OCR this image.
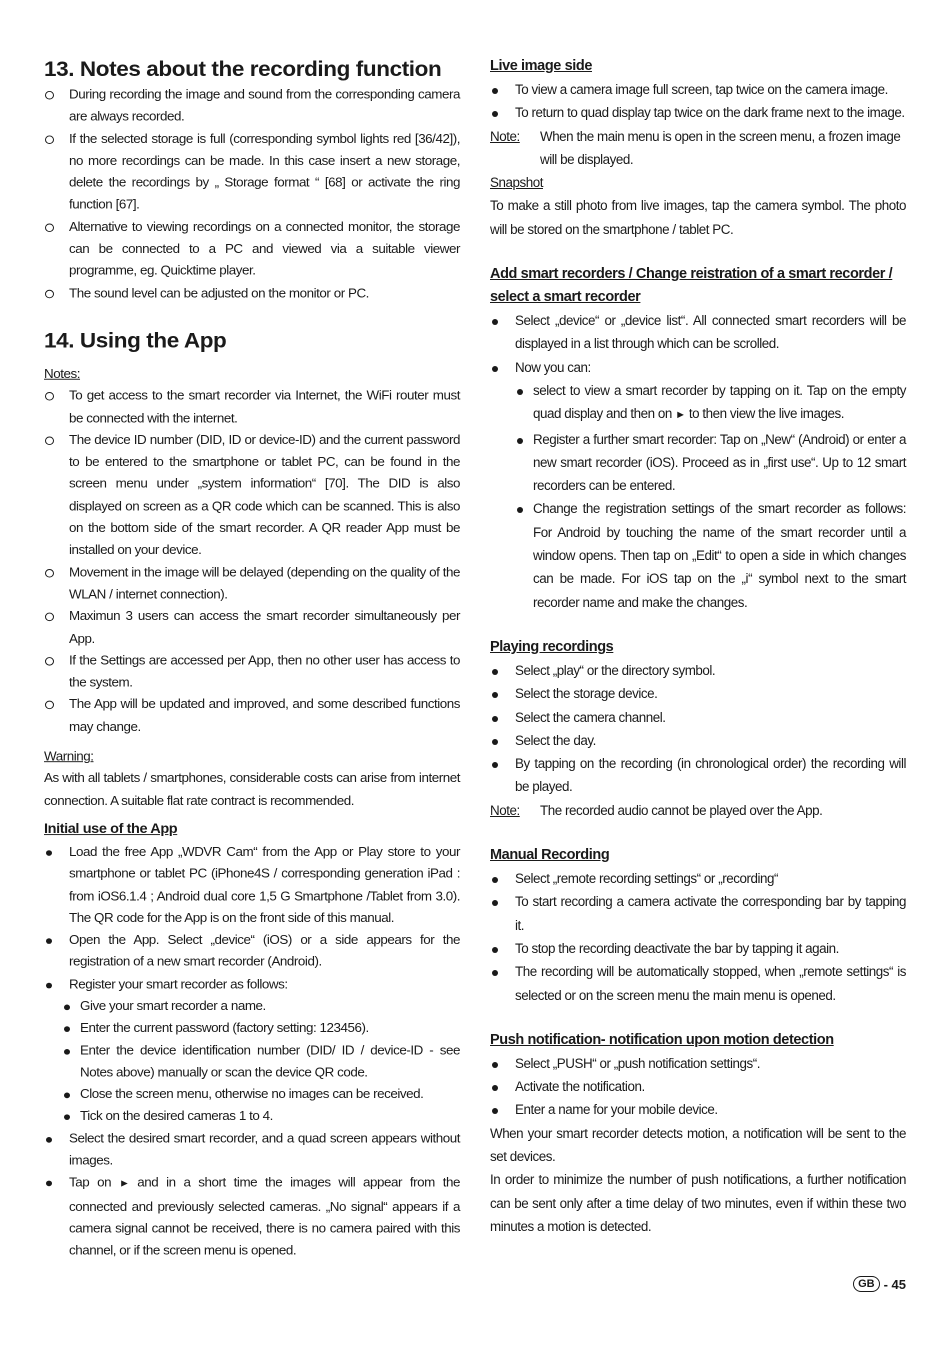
13. Notes about the recording function
During recording the image and sound from the corresponding camera are always recorded.
If the selected storage is full (corresponding symbol lights red [36/42]), no more recordings can be made. In this case insert a new storage, delete the recordings by „ Storage format “ [68] or activate the ring function [67].
Alternative to viewing recordings on a connected monitor, the storage can be connected to a PC and viewed via a suitable viewer programme, eg. Quicktime player.
The sound level can be adjusted on the monitor or PC.
14. Using the App

Notes:

To get access to the smart recorder via Internet, the WiFi router must be connected with the internet.
The device ID number (DID, ID or device-ID) and the current password to be entered to the smartphone or tablet PC, can be found in the screen menu under „system information“ [70]. The DID is also displayed on screen as a QR code which can be scanned. This is also on the bottom side of the smart recorder. A QR reader App must be installed on your device.
Movement in the image will be delayed (depending on the quality of the WLAN / internet connection).
Maximun 3 users can access the smart recorder simultaneously per App.
If the Settings are accessed per App, then no other user has access to the system.
The App will be updated and improved, and some described functions may change.

Warning:

As with all tablets / smartphones, considerable costs can arise from internet connection. A suitable flat rate contract is recommended.

Initial use of the App
Load the free App „WDVR Cam“ from the App or Play store to your smartphone or tablet PC (iPhone4S / corresponding generation iPad : from iOS6.1.4 ; Android dual core 1,5 G Smartphone /Tablet from 3.0). The QR code for the App is on the front side of this manual.
Open the App. Select „device“ (iOS) or a side appears for the registration of a new smart recorder (Android).
Register your smart recorder as follows:
Give your smart recorder a name.
Enter the current password (factory setting: 123456).
Enter the device identification number (DID/ ID / device-ID - see Notes above) manually or scan the device QR code.
Close the screen menu, otherwise no images can be received.
Tick on the desired cameras 1 to 4.
Select the desired smart recorder, and a quad screen appears without images.
Tap on ► and in a short time the images will appear from the connected and previously selected cameras. „No signal“ appears if a camera signal cannot be received, there is no camera paired with this channel, or if the screen menu is opened.
Live image side
To view a camera image full screen, tap twice on the camera image.
To return to quad display tap twice on the dark frame next to the image.
Note:	When the main menu is open in the screen menu, a frozen image will be displayed.

Snapshot

To make a still photo from live images, tap the camera symbol. The photo will be stored on the smartphone / tablet PC.

Add smart recorders / Change reistration of a smart recorder / select a smart recorder
Select „device“ or „device list“. All connected smart recorders will be displayed in a list through which can be scrolled.
Now you can:
select to view a smart recorder by tapping on it. Tap on the empty quad display and then on ► to then view the live images.
Register a further smart recorder: Tap on „New“ (Android) or enter a new smart recorder (iOS). Proceed as in „first use“. Up to 12 smart recorders can be entered.
Change the registration settings of the smart recorder as follows: For Android by touching the name of the smart recorder until a window opens. Then tap on „Edit“ to open a side in which changes can be made. For iOS tap on the „i“ symbol next to the smart recorder name and make the changes.
Playing recordings
Select „play“ or the directory symbol.
Select the storage device.
Select the camera channel.
Select the day.
By tapping on the recording (in chronological order) the recording will be played.
Note:	The recorded audio cannot be played over the App.
Manual Recording
Select „remote recording settings“ or „recording“
To start recording a camera activate the corresponding bar by tapping it.
To stop the recording deactivate the bar by tapping it again.
The recording will be automatically stopped, when „remote settings“ is selected or on the screen menu the main menu is opened.
Push notification- notification upon motion detection
Select „PUSH“ or „push notification settings“.
Activate the notification.
Enter a name for your mobile device.

When your smart recorder detects motion, a notification will be sent to the set devices.

In order to minimize the number of push notifications, a further notification can be sent only after a time delay of two minutes, even if within these two minutes a motion is detected.

GB - 45
